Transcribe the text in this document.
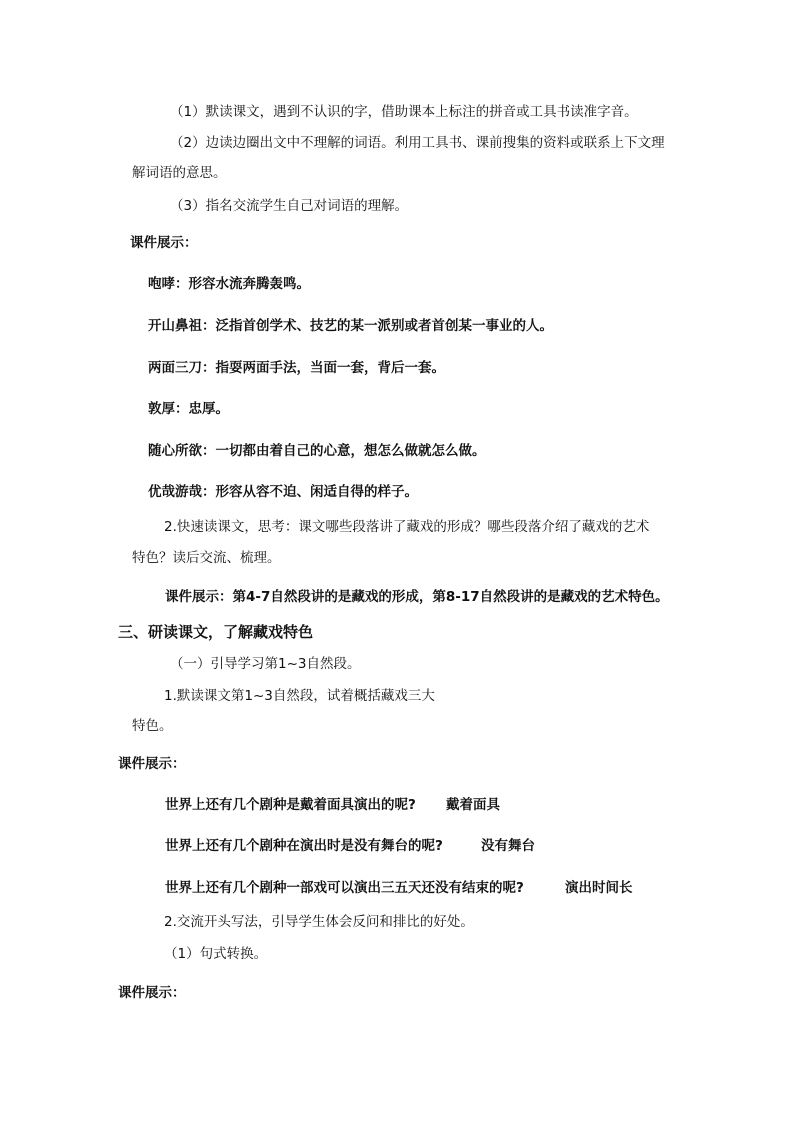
（1）默读课文，遇到不认识的字，借助课本上标注的拼音或工具书读准字音。
（2）边读边圈出文中不理解的词语。利用工具书、课前搜集的资料或联系上下文理
解词语的意思。
（3）指名交流学生自己对词语的理解。
课件展示：
咆哮：形容水流奔腾轰鸣。
开山鼻祖：泛指首创学术、技艺的某一派别或者首创某一事业的人。
两面三刀：指耍两面手法，当面一套，背后一套。
敦厚：忠厚。
随心所欲：一切都由着自己的心意，想怎么做就怎么做。
优哉游哉：形容从容不迫、闲适自得的样子。
2.快速读课文，思考：课文哪些段落讲了藏戏的形成？哪些段落介绍了藏戏的艺术
特色？读后交流、梳理。
课件展示：第4-7自然段讲的是藏戏的形成，第8-17自然段讲的是藏戏的艺术特色。
三、研读课文，了解藏戏特色
（一）引导学习第1~3自然段。
1.默读课文第1~3自然段，试着概括藏戏三大
特色。
课件展示：
世界上还有几个剧种是戴着面具演出的呢? 戴着面具
世界上还有几个剧种在演出时是没有舞台的呢?	没有舞台
世界上还有几个剧种一部戏可以演出三五天还没有结束的呢?	演出时间长
2.交流开头写法，引导学生体会反问和排比的好处。
（1）句式转换。
课件展示：
